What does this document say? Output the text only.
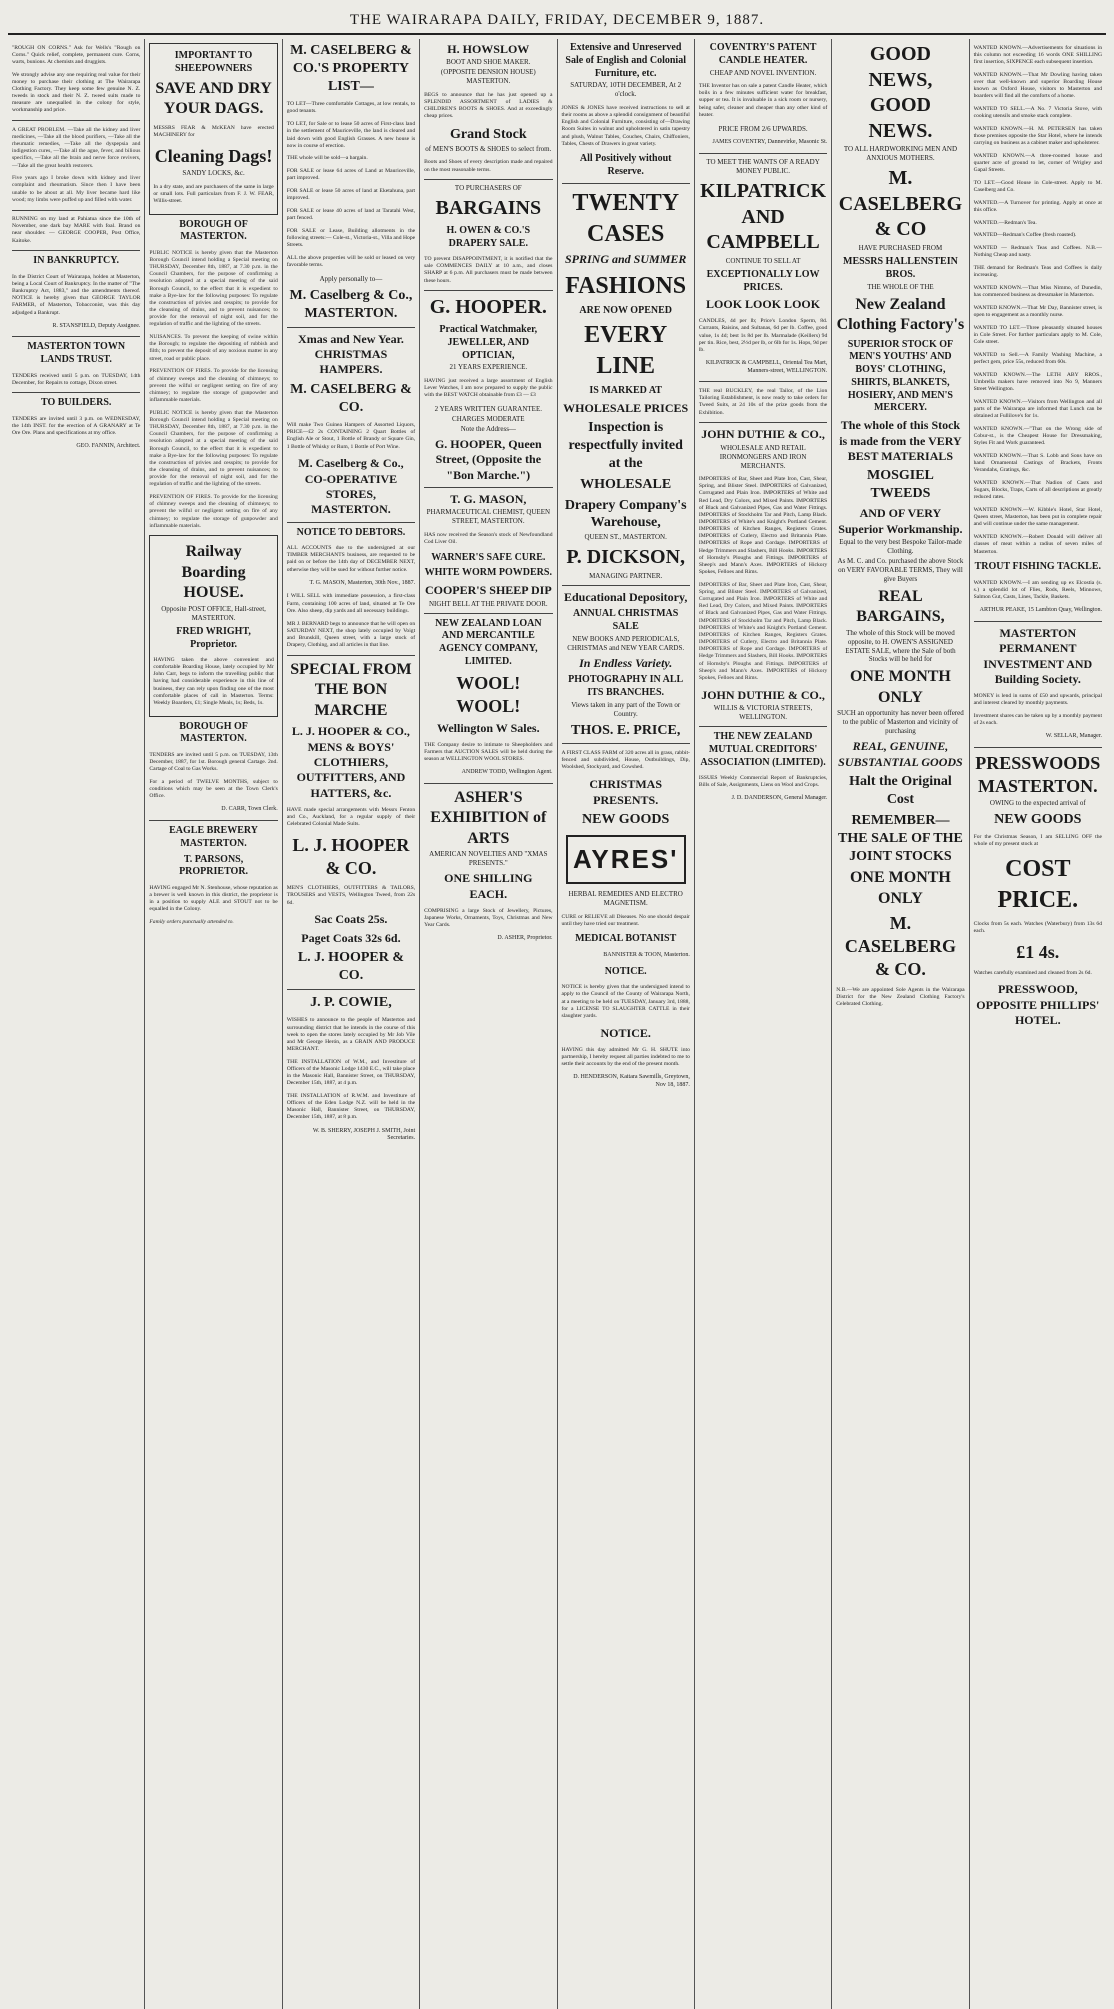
THE WAIRARAPA DAILY, FRIDAY, DECEMBER 9, 1887.

"ROUGH ON CORNS." Ask for Wells's "Rough on Corns." Quick relief, complete, permanent cure. Corns, warts, bunions. At chemists and druggists.

We strongly advise any one requiring real value for their money to purchase their clothing at The Wairarapa Clothing Factory. They keep some few genuine N. Z. tweeds in stock and their N. Z. tweed suits made to measure are unequalled in the colony for style, workmanship and price.

A GREAT PROBLEM. —Take all the kidney and liver medicines, —Take all the blood purifiers, —Take all the rheumatic remedies, —Take all the dyspepsia and indigestion cures, —Take all the ague, fever, and bilious specifics, —Take all the brain and nerve force revivers, —Take all the great health restorers.

Five years ago I broke down with kidney and liver complaint and rheumatism. Since then I have been unable to be about at all. My liver became hard like wood; my limbs were puffed up and filled with water.

RUNNING on my land at Pahiatua since the 10th of November, one dark bay MARE with foal. Brand on near shoulder. — GEORGE COOPER, Post Office, Kaitoke.

IN BANKRUPTCY.

In the District Court of Wairarapa, holden at Masterton, being a Local Court of Bankruptcy. In the matter of "The Bankruptcy Act, 1883," and the amendments thereof. NOTICE is hereby given that GEORGE TAYLOR FARMER, of Masterton, Tobacconist, was this day adjudged a Bankrupt.

R. STANSFIELD, Deputy Assignee.

MASTERTON TOWN LANDS TRUST.

TENDERS received until 5 p.m. on TUESDAY, 14th December, for Repairs to cottage, Dixon street.

TO BUILDERS.

TENDERS are invited until 3 p.m. on WEDNESDAY, the 14th INST. for the erection of A GRANARY at Te Ore Ore. Plans and specifications at my office.

GEO. FANNIN, Architect.

IMPORTANT TO SHEEPOWNERS
SAVE AND DRY YOUR DAGS.

MESSRS FEAR & McKEAN have erected MACHINERY for

Cleaning Dags!
SANDY LOCKS, &c.

In a dry state, and are purchasers of the same in large or small lots. Full particulars from F. J. W. FEAR, Willis-street.

BOROUGH OF MASTERTON.

PUBLIC NOTICE is hereby given that the Masterton Borough Council intend holding a Special meeting on THURSDAY, December 8th, 1887, at 7.30 p.m. in the Council Chambers, for the purpose of confirming a resolution adopted at a special meeting of the said Borough Council, to the effect that it is expedient to make a Bye-law for the following purposes: To regulate the construction of privies and cesspits; to provide for the cleansing of drains, and to prevent nuisances; to provide for the removal of night soil, and for the regulation of traffic and the lighting of the streets.

NUISANCES. To prevent the keeping of swine within the Borough; to regulate the depositing of rubbish and filth; to prevent the deposit of any noxious matter in any street, road or public place.

PREVENTION OF FIRES. To provide for the licensing of chimney sweeps and the cleaning of chimneys; to prevent the wilful or negligent setting on fire of any chimney; to regulate the storage of gunpowder and inflammable materials.

PUBLIC NOTICE is hereby given that the Masterton Borough Council intend holding a Special meeting on THURSDAY, December 8th, 1887, at 7.30 p.m. in the Council Chambers, for the purpose of confirming a resolution adopted at a special meeting of the said Borough Council, to the effect that it is expedient to make a Bye-law for the following purposes: To regulate the construction of privies and cesspits; to provide for the cleansing of drains, and to prevent nuisances; to provide for the removal of night soil, and for the regulation of traffic and the lighting of the streets.

PREVENTION OF FIRES. To provide for the licensing of chimney sweeps and the cleaning of chimneys; to prevent the wilful or negligent setting on fire of any chimney; to regulate the storage of gunpowder and inflammable materials.

Railway Boarding HOUSE.
Opposite POST OFFICE, Hall-street, MASTERTON.
FRED WRIGHT, Proprietor.

HAVING taken the above convenient and comfortable Boarding House, lately occupied by Mr John Carr, begs to inform the travelling public that having had considerable experience in this line of business, they can rely upon finding one of the most comfortable places of call in Masterton. Terms: Weekly Boarders, £1; Single Meals, 1s; Beds, 1s.

BOROUGH OF MASTERTON.

TENDERS are invited until 5 p.m. on TUESDAY, 13th December, 1887, for 1st. Borough general Cartage. 2nd. Cartage of Coal to Gas Works.

For a period of TWELVE MONTHS, subject to conditions which may be seen at the Town Clerk's Office.

D. CARR, Town Clerk.

EAGLE BREWERY MASTERTON.
T. PARSONS, PROPRIETOR.

HAVING engaged Mr N. Stenhouse, whose reputation as a brewer is well known in this district, the proprietor is in a position to supply ALE and STOUT not to be equalled in the Colony.

Family orders punctually attended to.

M. CASELBERG & CO.'S PROPERTY LIST—

TO LET—Three comfortable Cottages, at low rentals, to good tenants.

TO LET, for Sale or to lease 50 acres of First-class land in the settlement of Mauriceville, the land is cleared and laid down with good English Grasses. A new house is now in course of erection.

THE whole will be sold—a bargain.

FOR SALE or lease 64 acres of Land at Mauriceville, part improved.

FOR SALE or lease 50 acres of land at Eketahuna, part improved.

FOR SALE or lease 40 acres of land at Taratahi West, part fenced.

FOR SALE or Lease, Building allotments in the following streets:— Cole-st., Victoria-st., Villa and Hope Streets.

ALL the above properties will be sold or leased on very favorable terms.

Apply personally to—
M. Caselberg & Co., MASTERTON.
Xmas and New Year. CHRISTMAS HAMPERS.
M. CASELBERG & CO.

Will make Two Guinea Hampers of Assorted Liquors, PRICE—£2 2s CONTAINING 2 Quart Bottles of English Ale or Stout, 1 Bottle of Brandy or Square Gin, 1 Bottle of Whisky or Rum, 1 Bottle of Port Wine.

M. Caselberg & Co., CO-OPERATIVE STORES, MASTERTON.
NOTICE TO DEBTORS.

ALL ACCOUNTS due to the undersigned at our TIMBER MERCHANTS business, are requested to be paid on or before the 14th day of DECEMBER NEXT, otherwise they will be sued for without further notice.

T. G. MASON, Masterton, 30th Nov., 1887.

I WILL SELL with immediate possession, a first-class Farm, containing 100 acres of land, situated at Te Ore Ore. Also sheep, dip yards and all necessary buildings.

MR J. BERNARD begs to announce that he will open on SATURDAY NEXT, the shop lately occupied by Voigt and Brunskill, Queen street, with a large stock of Drapery, Clothing, and all articles in that line.

SPECIAL FROM THE BON MARCHE
L. J. HOOPER & CO., MENS & BOYS' CLOTHIERS, OUTFITTERS, AND HATTERS, &c.

HAVE made special arrangements with Messrs Fenton and Co., Auckland, for a regular supply of their Celebrated Colonial Made Suits.

L. J. HOOPER & CO.

MEN'S CLOTHIERS, OUTFITTERS & TAILORS, TROUSERS and VESTS, Wellington Tweed, from 22s 6d.

Sac Coats 25s.
Paget Coats 32s 6d.
L. J. HOOPER & CO.
J. P. COWIE,

WISHES to announce to the people of Masterton and surrounding district that he intends in the course of this week to open the stores lately occupied by Mr Job Vile and Mr George Herón, as a GRAIN AND PRODUCE MERCHANT.

THE INSTALLATION of W.M., and Investiture of Officers of the Masonic Lodge 1430 E.C., will take place in the Masonic Hall, Bannister Street, on THURSDAY, December 15th, 1887, at 4 p.m.

THE INSTALLATION of R.W.M. and Investiture of Officers of the Eden Lodge N.Z. will be held in the Masonic Hall, Bannister Street, on THURSDAY, December 15th, 1887, at 8 p.m.

W. B. SHERRY, JOSEPH J. SMITH, Joint Secretaries.

H. HOWSLOW
BOOT AND SHOE MAKER.
(OPPOSITE DENSION HOUSE) MASTERTON.

BEGS to announce that he has just opened up a SPLENDID ASSORTMENT of LADIES & CHILDREN'S BOOTS & SHOES. And at exceedingly cheap prices.

Grand Stock
of MEN'S BOOTS & SHOES to select from.

Boots and Shoes of every description made and repaired on the most reasonable terms.

TO PURCHASERS OF
BARGAINS
H. OWEN & CO.'S DRAPERY SALE.

TO prevent DISAPPOINTMENT, it is notified that the sale COMMENCES DAILY at 10 a.m., and closes SHARP at 6 p.m. All purchasers must be made between these hours.

G. HOOPER.
Practical Watchmaker, JEWELLER, AND OPTICIAN,
21 YEARS EXPERIENCE.

HAVING just received a large assortment of English Lever Watches, I am now prepared to supply the public with the BEST WATCH obtainable from £3 — £3

2 YEARS WRITTEN GUARANTEE.
CHARGES MODERATE
Note the Address—
G. HOOPER, Queen Street, (Opposite the "Bon Marche.")
T. G. MASON,
PHARMACEUTICAL CHEMIST, QUEEN STREET, MASTERTON.

HAS now received the Season's stock of Newfoundland Cod Liver Oil.

WARNER'S SAFE CURE.
WHITE WORM POWDERS.
COOPER'S SHEEP DIP
NIGHT BELL AT THE PRIVATE DOOR.
NEW ZEALAND LOAN AND MERCANTILE AGENCY COMPANY, LIMITED.
WOOL! WOOL!
Wellington W Sales.

THE Company desire to intimate to Sheepholders and Farmers that AUCTION SALES will be held during the season at WELLINGTON WOOL STORES.

ANDREW TODD, Wellington Agent.

ASHER'S EXHIBITION of ARTS
AMERICAN NOVELTIES AND "XMAS PRESENTS."
ONE SHILLING EACH.

COMPRISING a large Stock of Jewellery, Pictures, Japanese Works, Ornaments, Toys, Christmas and New Year Cards.

D. ASHER, Proprietor.

Extensive and Unreserved Sale of English and Colonial Furniture, etc.
SATURDAY, 10TH DECEMBER, At 2 o'clock.

JONES & JONES have received instructions to sell at their rooms as above a splendid consignment of beautiful English and Colonial Furniture, consisting of—Drawing Room Suites in walnut and upholstered in satin tapestry and plush, Walnut Tables, Couches, Chairs, Chiffoniers, Tables, Chests of Drawers in great variety.

All Positively without Reserve.
TWENTY CASES
SPRING and SUMMER
FASHIONS
ARE NOW OPENED
EVERY LINE
IS MARKED AT
WHOLESALE PRICES
Inspection is respectfully invited at the
WHOLESALE
Drapery Company's Warehouse,
QUEEN ST., MASTERTON.
P. DICKSON,
MANAGING PARTNER.
Educational Depository,
ANNUAL CHRISTMAS SALE
NEW BOOKS AND PERIODICALS, CHRISTMAS and NEW YEAR CARDS.
In Endless Variety.
PHOTOGRAPHY IN ALL ITS BRANCHES.
Views taken in any part of the Town or Country.
THOS. E. PRICE,

A FIRST CLASS FARM of 320 acres all in grass, rabbit-fenced and subdivided, House, Outbuildings, Dip, Woolshed, Stockyard, and Cowshed.

CHRISTMAS PRESENTS.
NEW GOODS
AYRES'
HERBAL REMEDIES AND ELECTRO MAGNETISM.

CURE or RELIEVE all Diseases. No one should despair until they have tried our treatment.

MEDICAL BOTANIST

BANNISTER & TOON, Masterton.

NOTICE.

NOTICE is hereby given that the undersigned intend to apply to the Council of the County of Wairarapa North, at a meeting to be held on TUESDAY, January 3rd, 1888, for a LICENSE TO SLAUGHTER CATTLE in their slaughter yards.

NOTICE.

HAVING this day admitted Mr G. H. SHUTE into partnership, I hereby request all parties indebted to me to settle their accounts by the end of the present month.

D. HENDERSON, Kaitara Sawmills, Greytown, Nov 18, 1887.

COVENTRY'S PATENT CANDLE HEATER.
CHEAP AND NOVEL INVENTION.

THE Inventor has on sale a patent Candle Heater, which boils in a few minutes sufficient water for breakfast, supper or tea. It is invaluable in a sick room or nursery, being safer, cleaner and cheaper than any other kind of heater.

PRICE FROM 2/6 UPWARDS.

JAMES COVENTRY, Dannevirke, Masonic St.

TO MEET THE WANTS OF A READY MONEY PUBLIC.
KILPATRICK AND CAMPBELL
CONTINUE TO SELL AT
EXCEPTIONALLY LOW PRICES.
LOOK LOOK LOOK

CANDLES, 4d per lb; Price's London Sperm, 8d. Currants, Raisins, and Sultanas, 6d per lb. Coffee, good value, 1s 4d; best 1s 8d per lb. Marmalade (Keillers) 9d per tin. Rice, best, 2½d per lb, or 6lb for 1s. Hops, 9d per lb.

KILPATRICK & CAMPBELL, Oriental Tea Mart, Manners-street, WELLINGTON.

THE real BUCKLEY, the real Tailor, of the Lion Tailoring Establishment, is now ready to take orders for Tweed Suits, at 24 10s of the prize goods from the Exhibition.

JOHN DUTHIE & CO.,
WHOLESALE AND RETAIL IRONMONGERS AND IRON MERCHANTS.

IMPORTERS of Bar, Sheet and Plate Iron, Cast, Shear, Spring, and Blister Steel. IMPORTERS of Galvanized, Corrugated and Plain Iron. IMPORTERS of White and Red Lead, Dry Colors, and Mixed Paints. IMPORTERS of Black and Galvanized Pipes, Gas and Water Fittings. IMPORTERS of Stockholm Tar and Pitch, Lamp Black. IMPORTERS of White's and Knight's Portland Cement. IMPORTERS of Kitchen Ranges, Registers Grates. IMPORTERS of Cutlery, Electro and Britannia Plate. IMPORTERS of Rope and Cordage. IMPORTERS of Hedge Trimmers and Slashers, Bill Hooks. IMPORTERS of Hornsby's Ploughs and Fittings. IMPORTERS of Sheep's and Mann's Axes. IMPORTERS of Hickory Spokes, Felloes and Rims.

IMPORTERS of Bar, Sheet and Plate Iron, Cast, Shear, Spring, and Blister Steel. IMPORTERS of Galvanized, Corrugated and Plain Iron. IMPORTERS of White and Red Lead, Dry Colors, and Mixed Paints. IMPORTERS of Black and Galvanized Pipes, Gas and Water Fittings. IMPORTERS of Stockholm Tar and Pitch, Lamp Black. IMPORTERS of White's and Knight's Portland Cement. IMPORTERS of Kitchen Ranges, Registers Grates. IMPORTERS of Cutlery, Electro and Britannia Plate. IMPORTERS of Rope and Cordage. IMPORTERS of Hedge Trimmers and Slashers, Bill Hooks. IMPORTERS of Hornsby's Ploughs and Fittings. IMPORTERS of Sheep's and Mann's Axes. IMPORTERS of Hickory Spokes, Felloes and Rims.

JOHN DUTHIE & CO.,
WILLIS & VICTORIA STREETS, WELLINGTON.
THE NEW ZEALAND MUTUAL CREDITORS' ASSOCIATION (LIMITED).

ISSUES Weekly Commercial Report of Bankruptcies, Bills of Sale, Assignments, Liens on Wool and Crops.

J. D. DANDERSON, General Manager.

GOOD NEWS, GOOD NEWS.
TO ALL HARDWORKING MEN AND ANXIOUS MOTHERS.
M. CASELBERG & CO
HAVE PURCHASED FROM
MESSRS HALLENSTEIN BROS.
THE WHOLE OF THE
New Zealand Clothing Factory's
SUPERIOR STOCK OF MEN'S YOUTHS' AND BOYS' CLOTHING, SHIRTS, BLANKETS, HOSIERY, AND MEN'S MERCERY.
The whole of this Stock is made from the VERY BEST MATERIALS
MOSGIEL TWEEDS
AND OF VERY Superior Workmanship.
Equal to the very best Bespoke Tailor-made Clothing.
As M. C. and Co. purchased the above Stock on VERY FAVORABLE TERMS, They will give Buyers
REAL BARGAINS,
The whole of this Stock will be moved opposite, to H. OWEN'S ASSIGNED ESTATE SALE, where the Sale of both Stocks will be held for
ONE MONTH ONLY
SUCH an opportunity has never been offered to the public of Masterton and vicinity of purchasing
REAL, GENUINE, SUBSTANTIAL GOODS
Halt the Original Cost
REMEMBER— THE SALE OF THE JOINT STOCKS
ONE MONTH ONLY
M. CASELBERG & CO.

N.B.—We are appointed Sole Agents in the Wairarapa District for the New Zealand Clothing Factory's Celebrated Clothing.

WANTED KNOWN.—Advertisements for situations in this column not exceeding 16 words ONE SHILLING first insertion, SIXPENCE each subsequent insertion.

WANTED KNOWN.—That Mr Dowling having taken over that well-known and superior Boarding House known as Oxford House, visitors to Masterton and boarders will find all the comforts of a home.

WANTED TO SELL.—A No. 7 Victoria Stove, with cooking utensils and smoke stack complete.

WANTED KNOWN.—H. M. PETERSEN has taken those premises opposite the Star Hotel, where he intends carrying on business as a cabinet maker and upholsterer.

WANTED KNOWN.—A three-roomed house and quarter acre of ground to let, corner of Wrigley and Gapal Streets.

TO LET.—Good House in Cole-street. Apply to M. Caselberg and Co.

WANTED.—A Turnover for printing. Apply at once at this office.

WANTED.—Redman's Tea.

WANTED—Redman's Coffee (fresh roasted).

WANTED — Redman's Teas and Coffees. N.B.—Nothing Cheap and nasty.

THE demand for Redman's Teas and Coffees is daily increasing.

WANTED KNOWN.—That Miss Nimmo, of Dunedin, has commenced business as dressmaker in Masterton.

WANTED KNOWN.—That Mr Day, Bannister street, is open to engagement as a monthly nurse.

WANTED TO LET.—Three pleasantly situated houses in Cole Street. For further particulars apply to M. Cole, Cole street.

WANTED to Sell.—A Family Washing Machine, a perfect gem, price 55s, reduced from 60s.

WANTED KNOWN.—The LETH ABY RROS., Umbrella makers have removed into No 9, Manners Street Wellington.

WANTED KNOWN.—Visitors from Wellington and all parts of the Wairarapa are informed that Lunch can be obtained at Fullilove's for 1s.

WANTED KNOWN.—"That on the Wrong side of Cobur-st., is the Cheapest House for Dressmaking, Styles Fit and Work guaranteed.

WANTED KNOWN.—That S. Lobb and Sons have on hand Ornamental Castings of Brackets, Fronts Verandahs, Gratings, &c.

WANTED KNOWN.—That Nadion of Casts and Sugars, Blocks, Traps, Carts of all descriptions at greatly reduced rates.

WANTED KNOWN.—W. Kibble's Hotel, Star Hotel, Queen street, Masterton, has been put in complete repair and will continue under the same management.

WANTED KNOWN.—Robert Donald will deliver all classes of meat within a radius of seven miles of Masterton.

TROUT FISHING TACKLE.

WANTED KNOWN.—I am sending up ex Elcostia (s. s.) a splendid lot of Flies, Rods, Reels, Minnows, Salmon Gut, Casts, Lines, Tackle, Baskets.

ARTHUR PEAKE, 15 Lambton Quay, Wellington.

MASTERTON PERMANENT INVESTMENT AND Building Society.

MONEY is lend in sums of £50 and upwards, principal and interest cleared by monthly payments.

Investment shares can be taken up by a monthly payment of 2s each.

W. SELLAR, Manager.

PRESSWOODS MASTERTON.
OWING to the expected arrival of
NEW GOODS

For the Christmas Season, I am SELLING OFF the whole of my present stock at

COST PRICE.

Clocks from 5s each. Watches (Waterbury) from 13s 6d each.

£1 4s.

Watches carefully examined and cleaned from 2s 6d.

PRESSWOOD, OPPOSITE PHILLIPS' HOTEL.
